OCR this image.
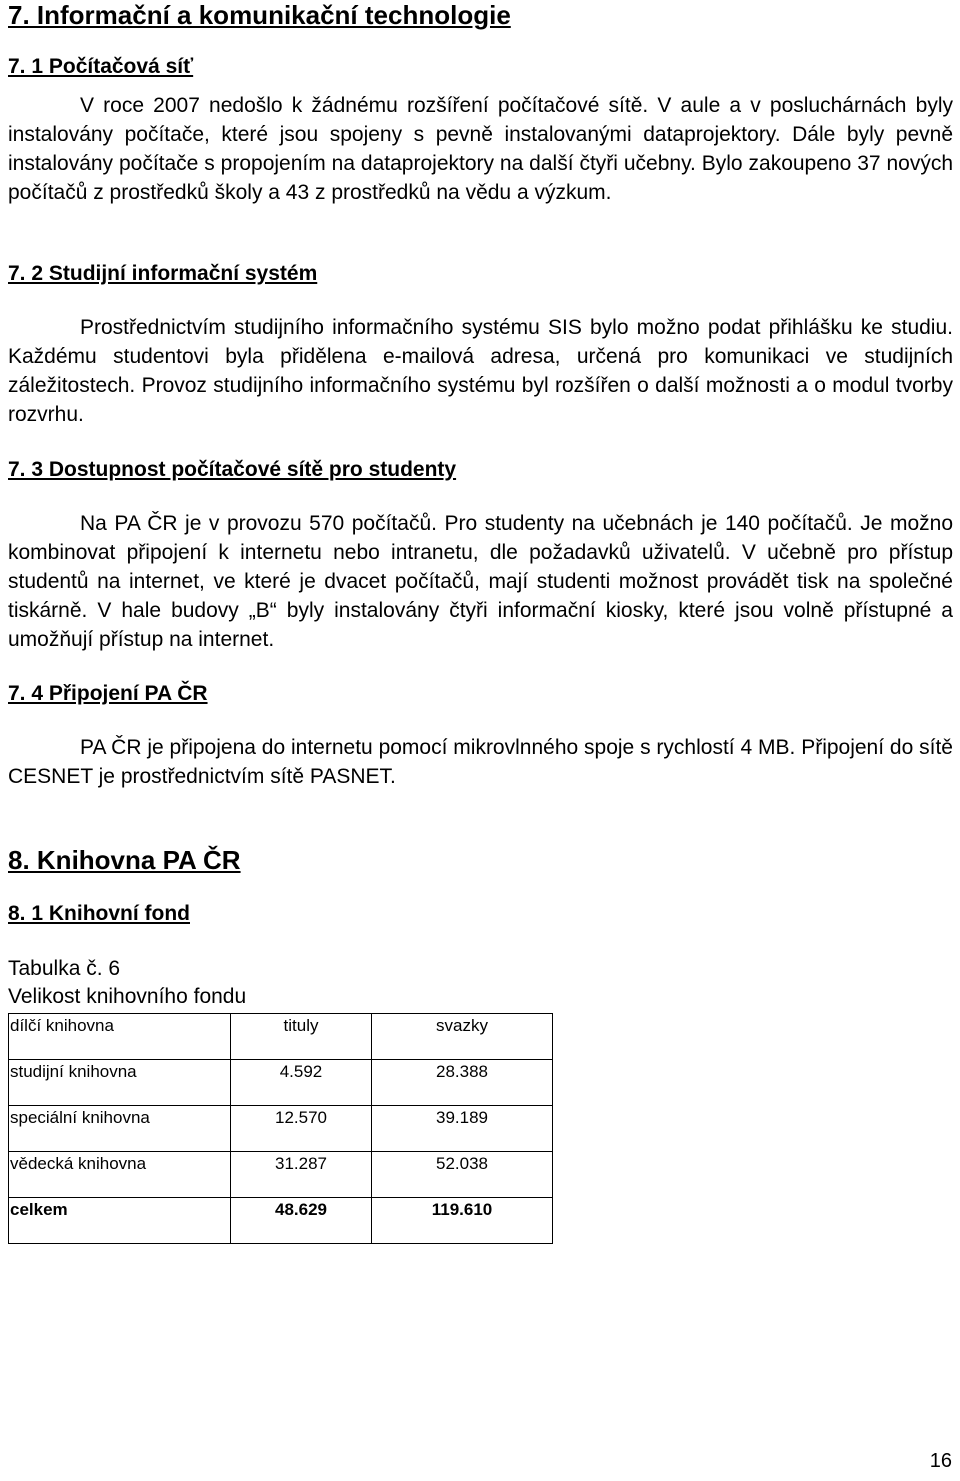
7. Informační a komunikační technologie
7. 1 Počítačová síť

V roce 2007 nedošlo k žádnému rozšíření počítačové sítě. V aule a v posluchárnách byly instalovány počítače, které jsou spojeny s pevně instalovanými dataprojektory. Dále byly pevně instalovány počítače s propojením na dataprojektory na další čtyři učebny. Bylo zakoupeno 37 nových počítačů z prostředků školy a 43 z prostředků na vědu a výzkum.

7. 2 Studijní informační systém

Prostřednictvím studijního informačního systému SIS bylo možno podat přihlášku ke studiu. Každému studentovi byla přidělena e-mailová adresa, určená pro komunikaci ve studijních záležitostech. Provoz studijního informačního systému byl rozšířen o další možnosti a o modul tvorby rozvrhu.

7. 3 Dostupnost počítačové sítě pro studenty

Na PA ČR je v provozu 570 počítačů. Pro studenty na učebnách je 140 počítačů. Je možno kombinovat připojení k internetu nebo intranetu, dle požadavků uživatelů. V učebně pro přístup studentů na internet, ve které je dvacet počítačů, mají studenti možnost provádět tisk na společné tiskárně. V hale budovy „B“ byly instalovány čtyři informační kiosky, které jsou volně přístupné a umožňují přístup na internet.

7. 4 Připojení PA ČR

PA ČR je připojena do internetu pomocí mikrovlnného spoje s rychlostí 4 MB. Připojení do sítě CESNET je prostřednictvím sítě PASNET.

8. Knihovna PA ČR
8. 1 Knihovní fond
Tabulka č. 6
Velikost knihovního fondu
dílčí knihovna	tituly	svazky
studijní knihovna	4.592	28.388
speciální knihovna	12.570	39.189
vědecká knihovna	31.287	52.038
celkem	48.629	119.610
16
